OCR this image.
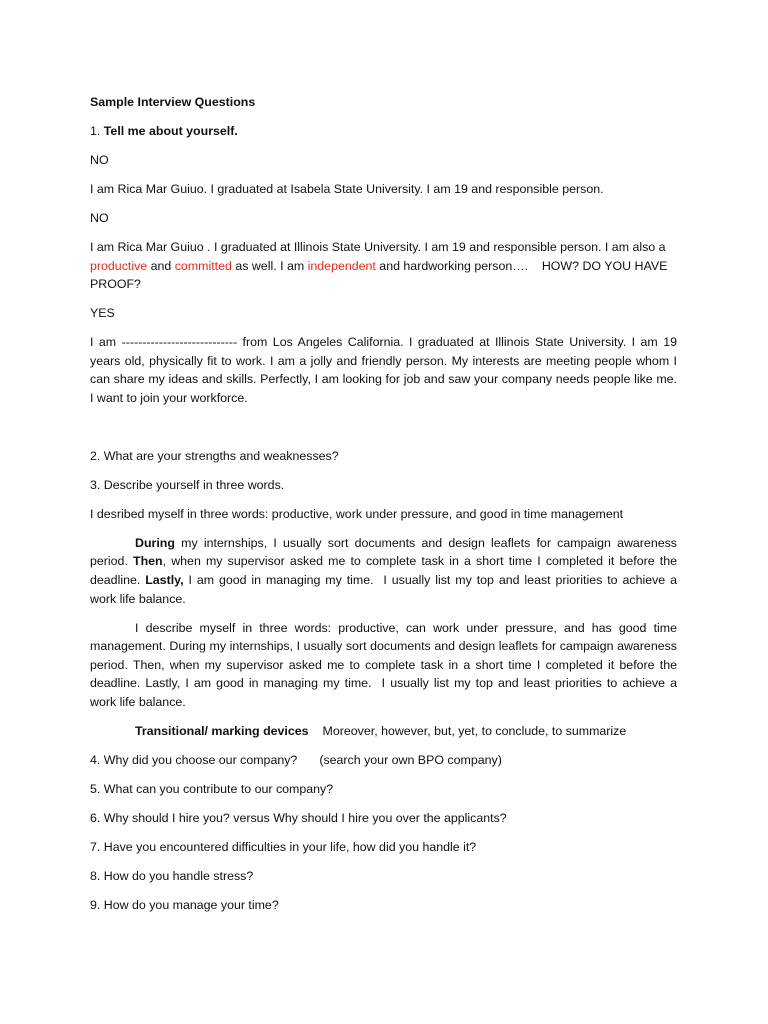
Sample Interview Questions

1. Tell me about yourself.

NO

I am Rica Mar Guiuo. I graduated at Isabela State University. I am 19 and responsible person.

NO

I am Rica Mar Guiuo . I graduated at Illinois State University. I am 19 and responsible person. I am also a productive and committed as well. I am independent and hardworking person….    HOW? DO YOU HAVE PROOF?

YES

I am ---------------------------- from Los Angeles California. I graduated at Illinois State University. I am 19 years old, physically fit to work. I am a jolly and friendly person. My interests are meeting people whom I can share my ideas and skills. Perfectly, I am looking for job and saw your company needs people like me. I want to join your workforce.

2. What are your strengths and weaknesses?

3. Describe yourself in three words.

I desribed myself in three words: productive, work under pressure, and good in time management

During my internships, I usually sort documents and design leaflets for campaign awareness period. Then, when my supervisor asked me to complete task in a short time I completed it before the deadline. Lastly, I am good in managing my time.  I usually list my top and least priorities to achieve a work life balance.

I describe myself in three words: productive, can work under pressure, and has good time management. During my internships, I usually sort documents and design leaflets for campaign awareness period. Then, when my supervisor asked me to complete task in a short time I completed it before the deadline. Lastly, I am good in managing my time.  I usually list my top and least priorities to achieve a  work life balance.

Transitional/ marking devices Moreover, however, but, yet, to conclude, to summarize

4. Why did you choose our company? (search your own BPO company)

5. What can you contribute to our company?

6. Why should I hire you? versus Why should I hire you over the applicants?

7. Have you encountered difficulties in your life, how did you handle it?

8. How do you handle stress?

9. How do you manage your time?
